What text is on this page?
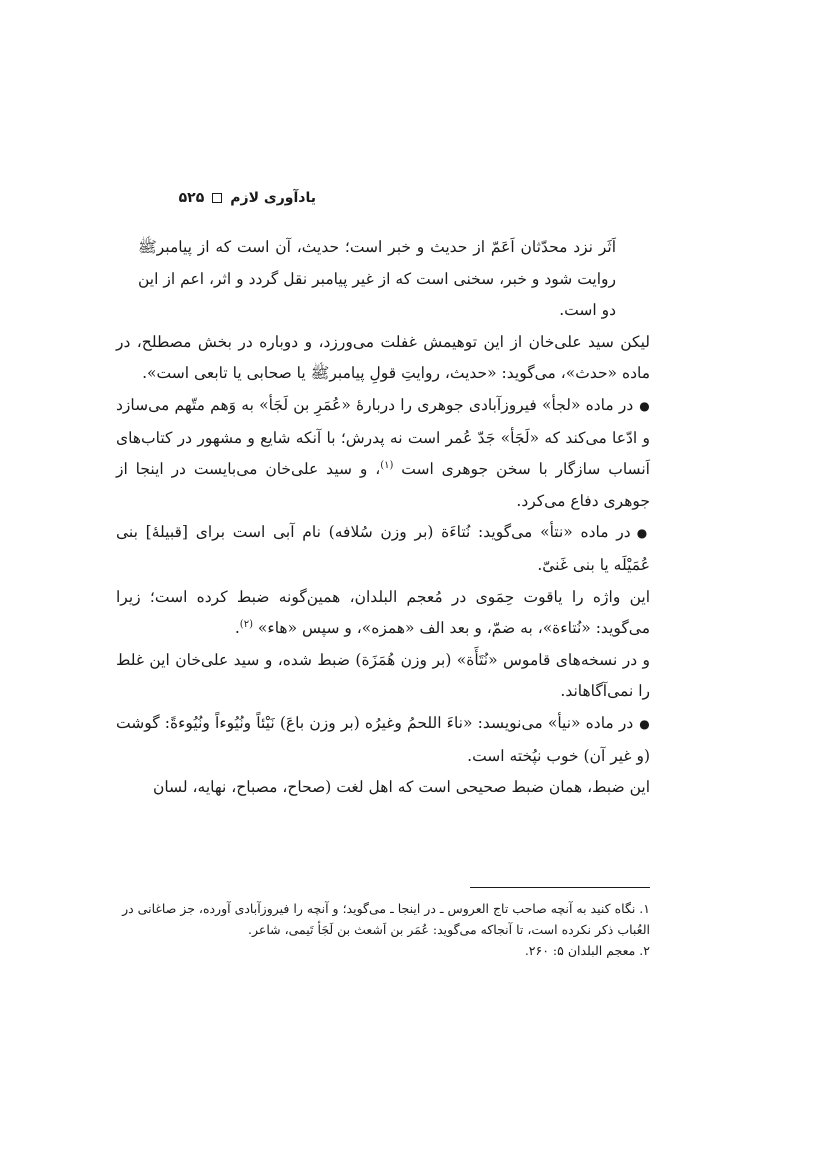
یادآوری لازم
۵۲۵

اَثَر نزد محدّثان اَعَمّ از حدیث و خبر است؛ حدیث، آن است که از پیامبرﷺ روایت شود و خبر، سخنی است که از غیر پیامبر نقل گردد و اثر، اعم از این دو است.

لیکن سید علی‌خان از این توهیمش غفلت می‌ورزد، و دوباره در بخش مصطلح، در ماده «حدث»، می‌گوید: «حدیث، روایتِ قولِ پیامبرﷺ یا صحابی یا تابعی است».

● در ماده «لجأ» فیروزآبادی جوهری را دربارهٔ «عُمَرِ بن لَجَأ» به وَهم متّهم می‌سازد و ادّعا می‌کند که «لَجَأ» جَدّ عُمر است نه پدرش؛ با آنکه شایع و مشهور در کتاب‌های اَنساب سازگار با سخن جوهری است $^{(۱)}$، و سید علی‌خان می‌بایست در اینجا از جوهری دفاع می‌کرد.

● در ماده «نتأ» می‌گوید: نُتاءَة (بر وزن سُلافه) نام آبی است برای [قبیلهٔ] بنی عُمَیْلَه یا بنی غَنیّ.

این واژه را یاقوت حِمَوی در مُعجم البلدان، همین‌گونه ضبط کرده است؛ زیرا می‌گوید: «نُتاءة»، به ضمّ، و بعد الف «همزه»، و سپس «هاء» $^{(۲)}$.

و در نسخه‌های قاموس «نُتَأَة» (بر وزن هُمَزَة) ضبط شده، و سید علی‌خان این غلط را نمی‌آگاهاند.

● در ماده «نیأ» می‌نویسد: «ناءَ اللحمُ وغیرُه (بر وزن باعَ) نَیْئاً ونُیُوءاً ونُیُوءةً: گوشت (و غیر آن) خوب نپُخته است.

این ضبط، همان ضبط صحیحی است که اهل لغت (صحاح، مصباح، نهایه، لسان

۱. نگاه کنید به آنچه صاحب تاج العروس ـ در اینجا ـ می‌گوید؛ و آنچه را فیروزآبادی آورده، جز صاغانی در العُباب ذکر نکرده است، تا آنجاکه می‌گوید: عُمَر بن اَشعث بن لَجَأ تَیمی، شاعر.

۲. معجم البلدان ۵: ۲۶۰.
